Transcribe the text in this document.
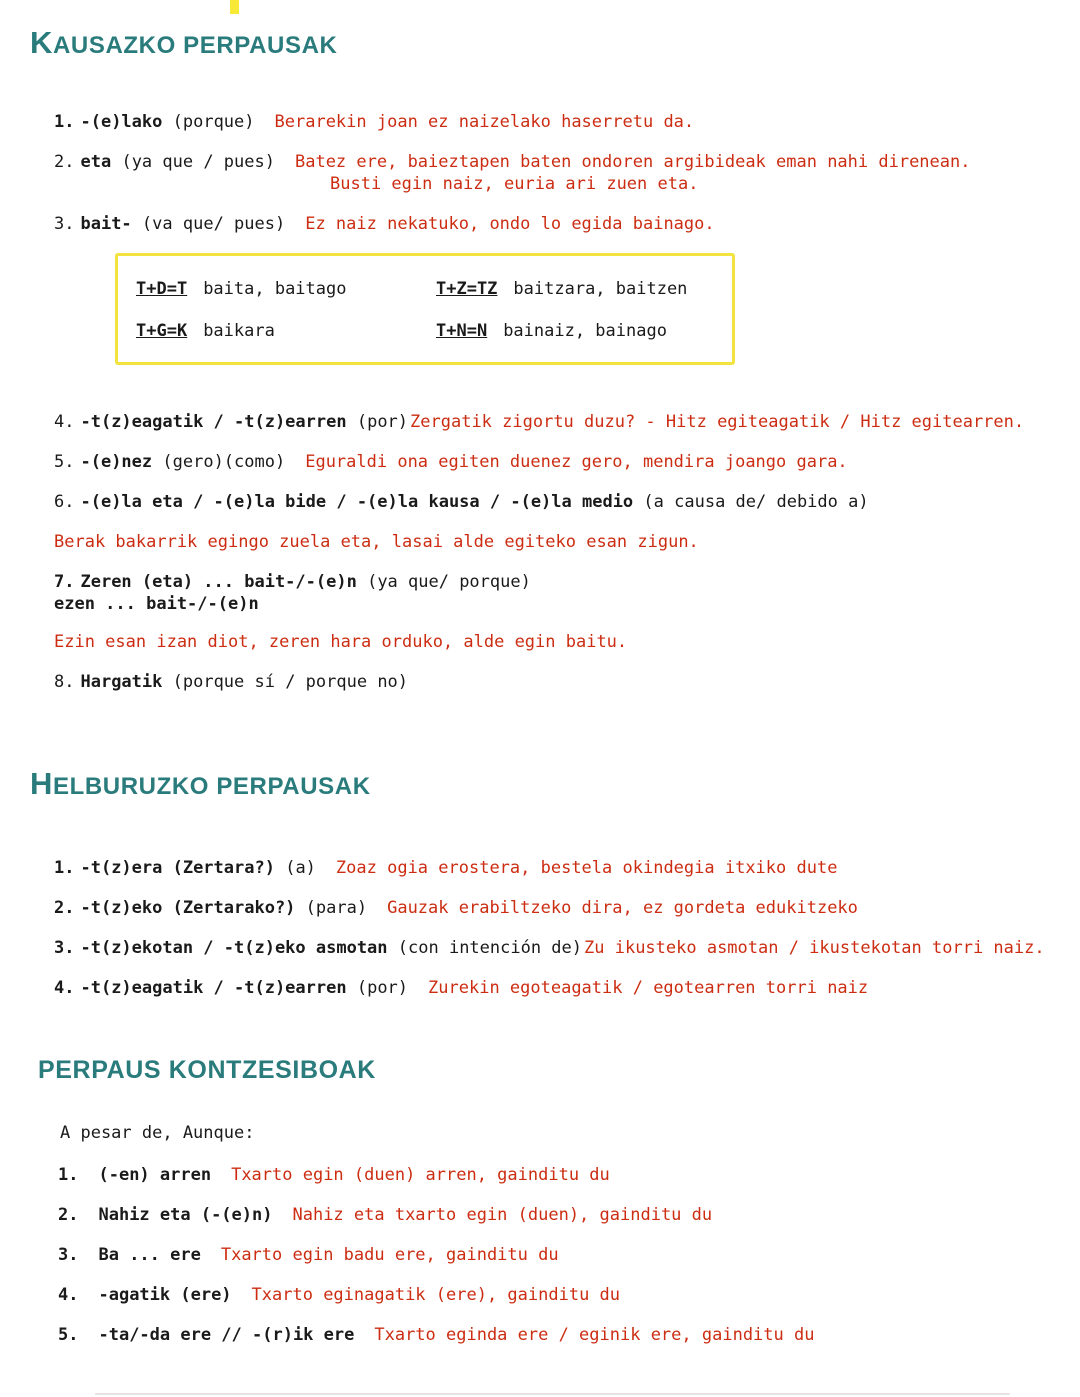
KAUSAZKO PERPAUSAK

1. -(e)lako (porque) Berarekin joan ez naizelako haserretu da.

2. eta (ya que / pues) Batez ere, baieztapen baten ondoren argibideak eman nahi direnean.

Busti egin naiz, euria ari zuen eta.

3. bait- (va que/ pues) Ez naiz nekatuko, ondo lo egida bainago.

T+D=T baita, baitago	T+Z=TZ baitzara, baitzen
T+G=K baikara	T+N=N bainaiz, bainago

4. -t(z)eagatik / -t(z)earren (por) Zergatik zigortu duzu? - Hitz egiteagatik / Hitz egitearren.

5. -(e)nez (gero)(como) Eguraldi ona egiten duenez gero, mendira joango gara.

6. -(e)la eta / -(e)la bide / -(e)la kausa / -(e)la medio (a causa de/ debido a)

Berak bakarrik egingo zuela eta, lasai alde egiteko esan zigun.

7. Zeren (eta) ... bait-/-(e)n (ya que/ porque)

ezen ... bait-/-(e)n

Ezin esan izan diot, zeren hara orduko, alde egin baitu.

8. Hargatik (porque sí / porque no)

HELBURUZKO PERPAUSAK

1. -t(z)era (Zertara?) (a) Zoaz ogia erostera, bestela okindegia itxiko dute

2. -t(z)eko (Zertarako?) (para) Gauzak erabiltzeko dira, ez gordeta edukitzeko

3. -t(z)ekotan / -t(z)eko asmotan (con intención de) Zu ikusteko asmotan / ikustekotan torri naiz.

4. -t(z)eagatik / -t(z)earren (por) Zurekin egoteagatik / egotearren torri naiz

PERPAUS KONTZESIBOAK

A pesar de, Aunque:

1. (-en) arren Txarto egin (duen) arren, gainditu du

2. Nahiz eta (-(e)n) Nahiz eta txarto egin (duen), gainditu du

3. Ba ... ere Txarto egin badu ere, gainditu du

4. -agatik (ere) Txarto eginagatik (ere), gainditu du

5. -ta/-da ere // -(r)ik ere Txarto eginda ere / eginik ere, gainditu du
